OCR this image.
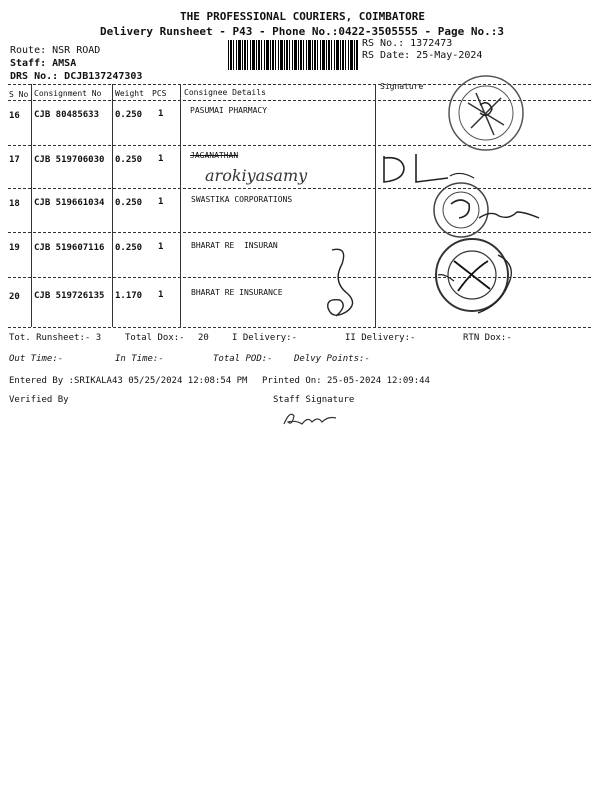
THE PROFESSIONAL COURIERS, COIMBATORE
Delivery Runsheet - P43 - Phone No.:0422-3505555 - Page No.:3
Route: NSR ROAD
Staff: AMSA
DRS No.: DCJB137247303
RS No.: 1372473
RS Date: 25-May-2024
S No Consignment No Weight PCS Consignee Details
Signature
16 CJB 80485633 0.250 1	PASUMAI PHARMACY
17 CJB 519706030 0.250 1	JAGANATHAN
arokiyasamy
18 CJB 519661034 0.250 1	SWASTIKA CORPORATIONS
19 CJB 519607116 0.250 1	BHARAT RE  INSURAN
20 CJB 519726135 1.170 1	BHARAT RE INSURANCE
Tot. Runsheet:- 3	Total Dox:- 20	I Delivery:-	II Delivery:-	RTN Dox:-
Out Time:-	In Time:-	Total POD:- Delvy Points:-
Entered By :SRIKALA43 05/25/2024 12:08:54 PM Printed On: 25-05-2024 12:09:44
Verified By	Staff Signature
